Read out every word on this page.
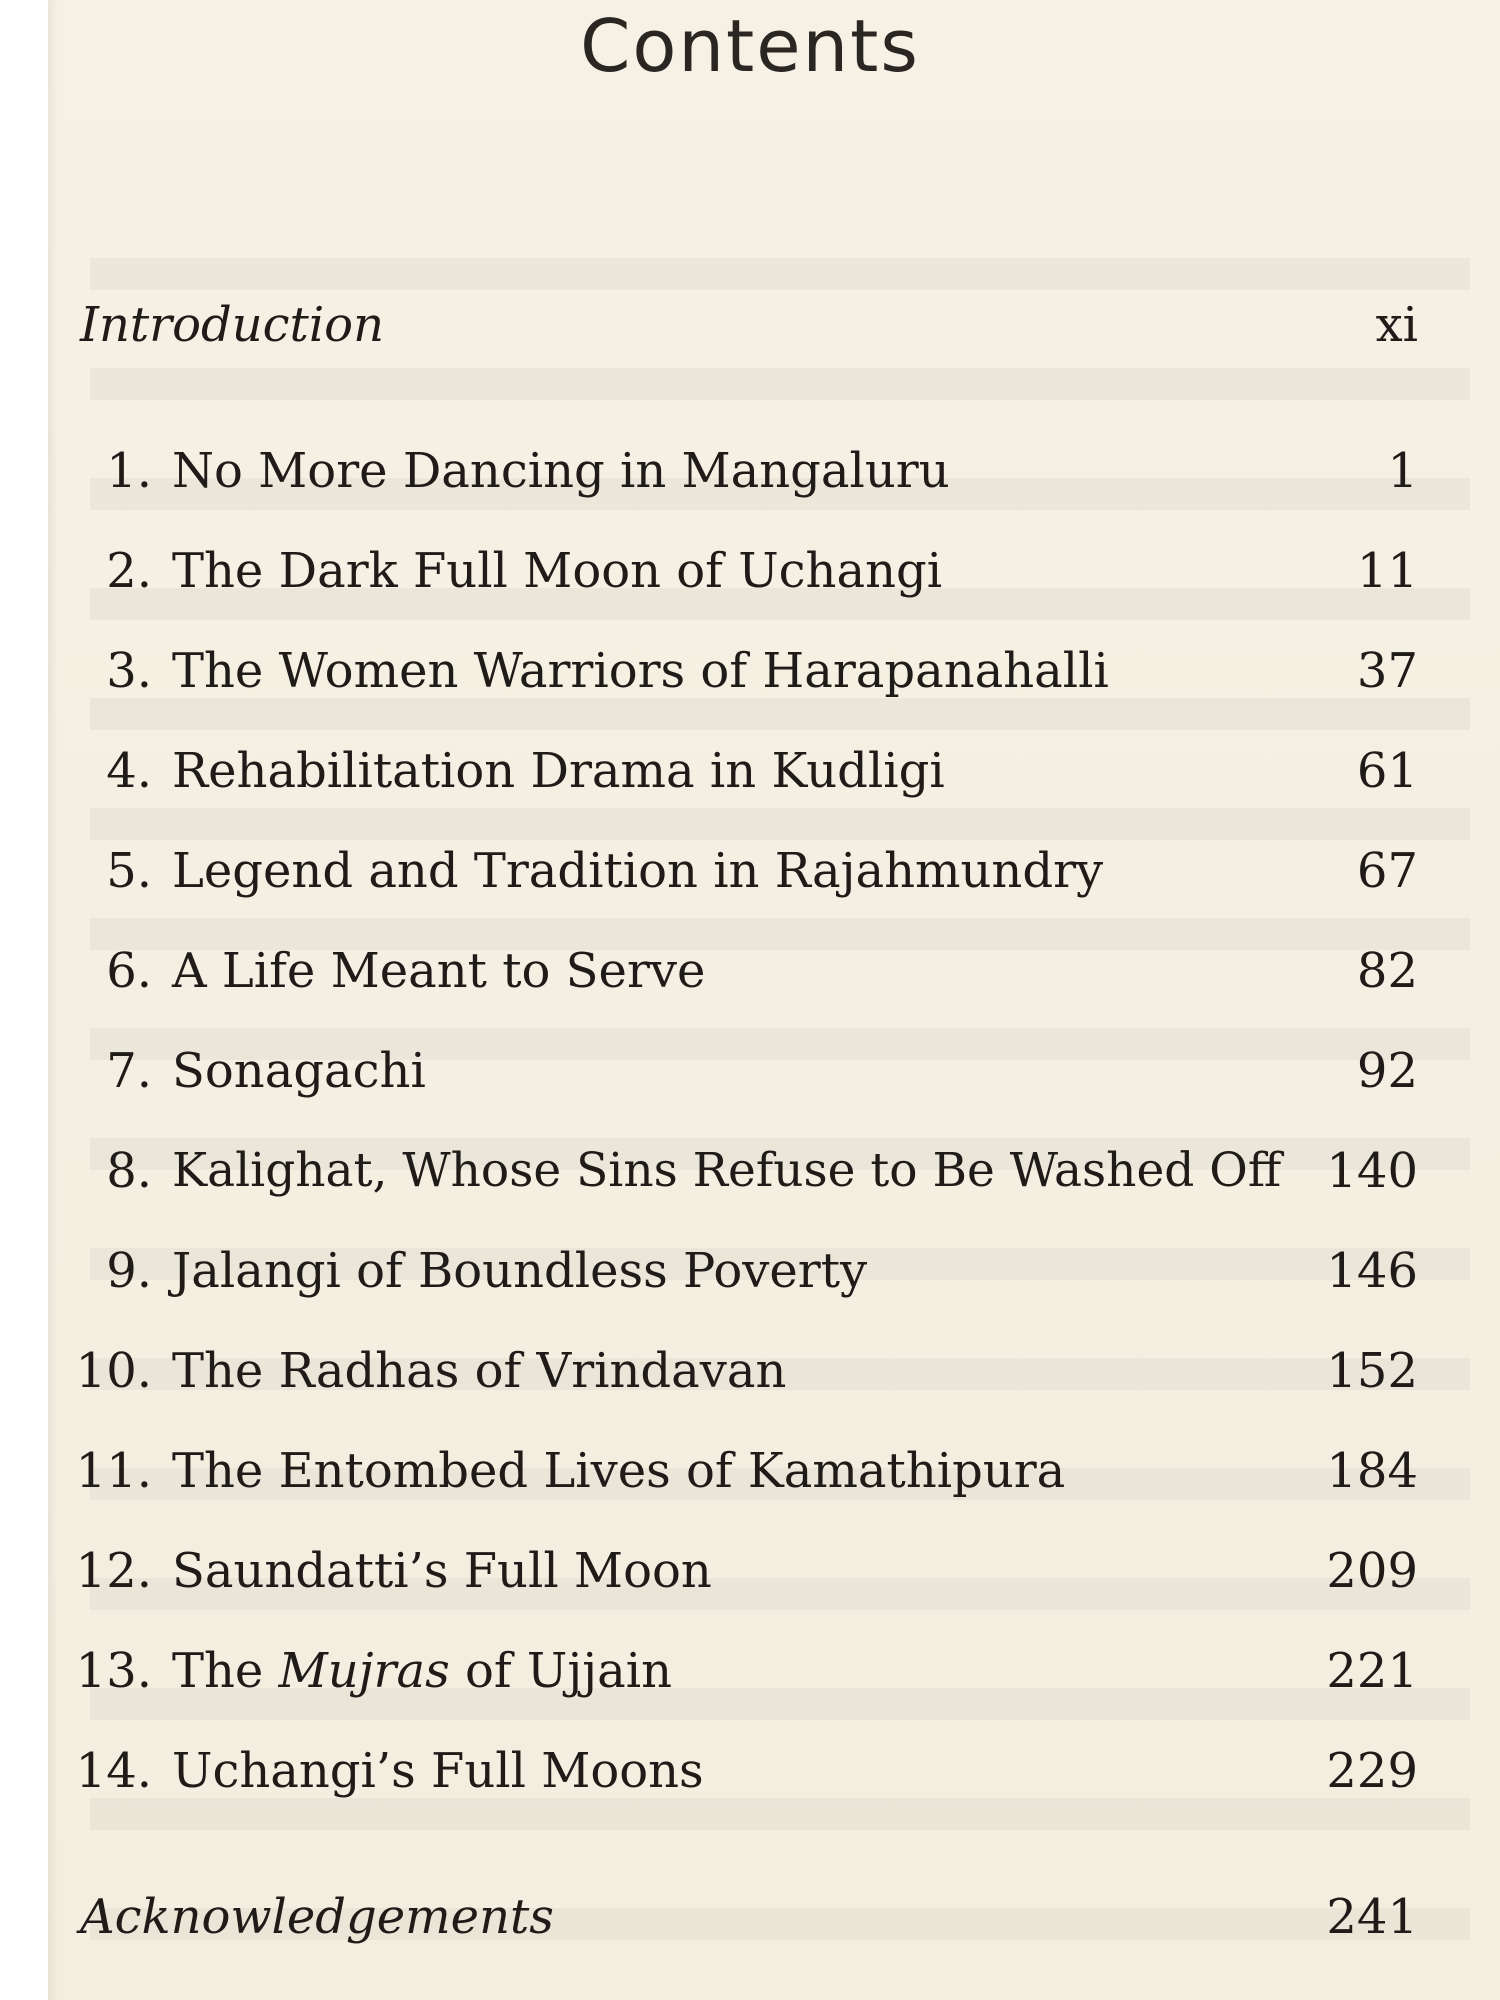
Contents
Introduction	xi
1. No More Dancing in Mangaluru	1
2. The Dark Full Moon of Uchangi	11
3. The Women Warriors of Harapanahalli	37
4. Rehabilitation Drama in Kudligi	61
5. Legend and Tradition in Rajahmundry	67
6. A Life Meant to Serve	82
7. Sonagachi	92
8. Kalighat, Whose Sins Refuse to Be Washed Off 140
9. Jalangi of Boundless Poverty	146
10. The Radhas of Vrindavan	152
11. The Entombed Lives of Kamathipura	184
12. Saundatti’s Full Moon	209
13. The Mujras of Ujjain	221
14. Uchangi’s Full Moons	229
Acknowledgements	241
